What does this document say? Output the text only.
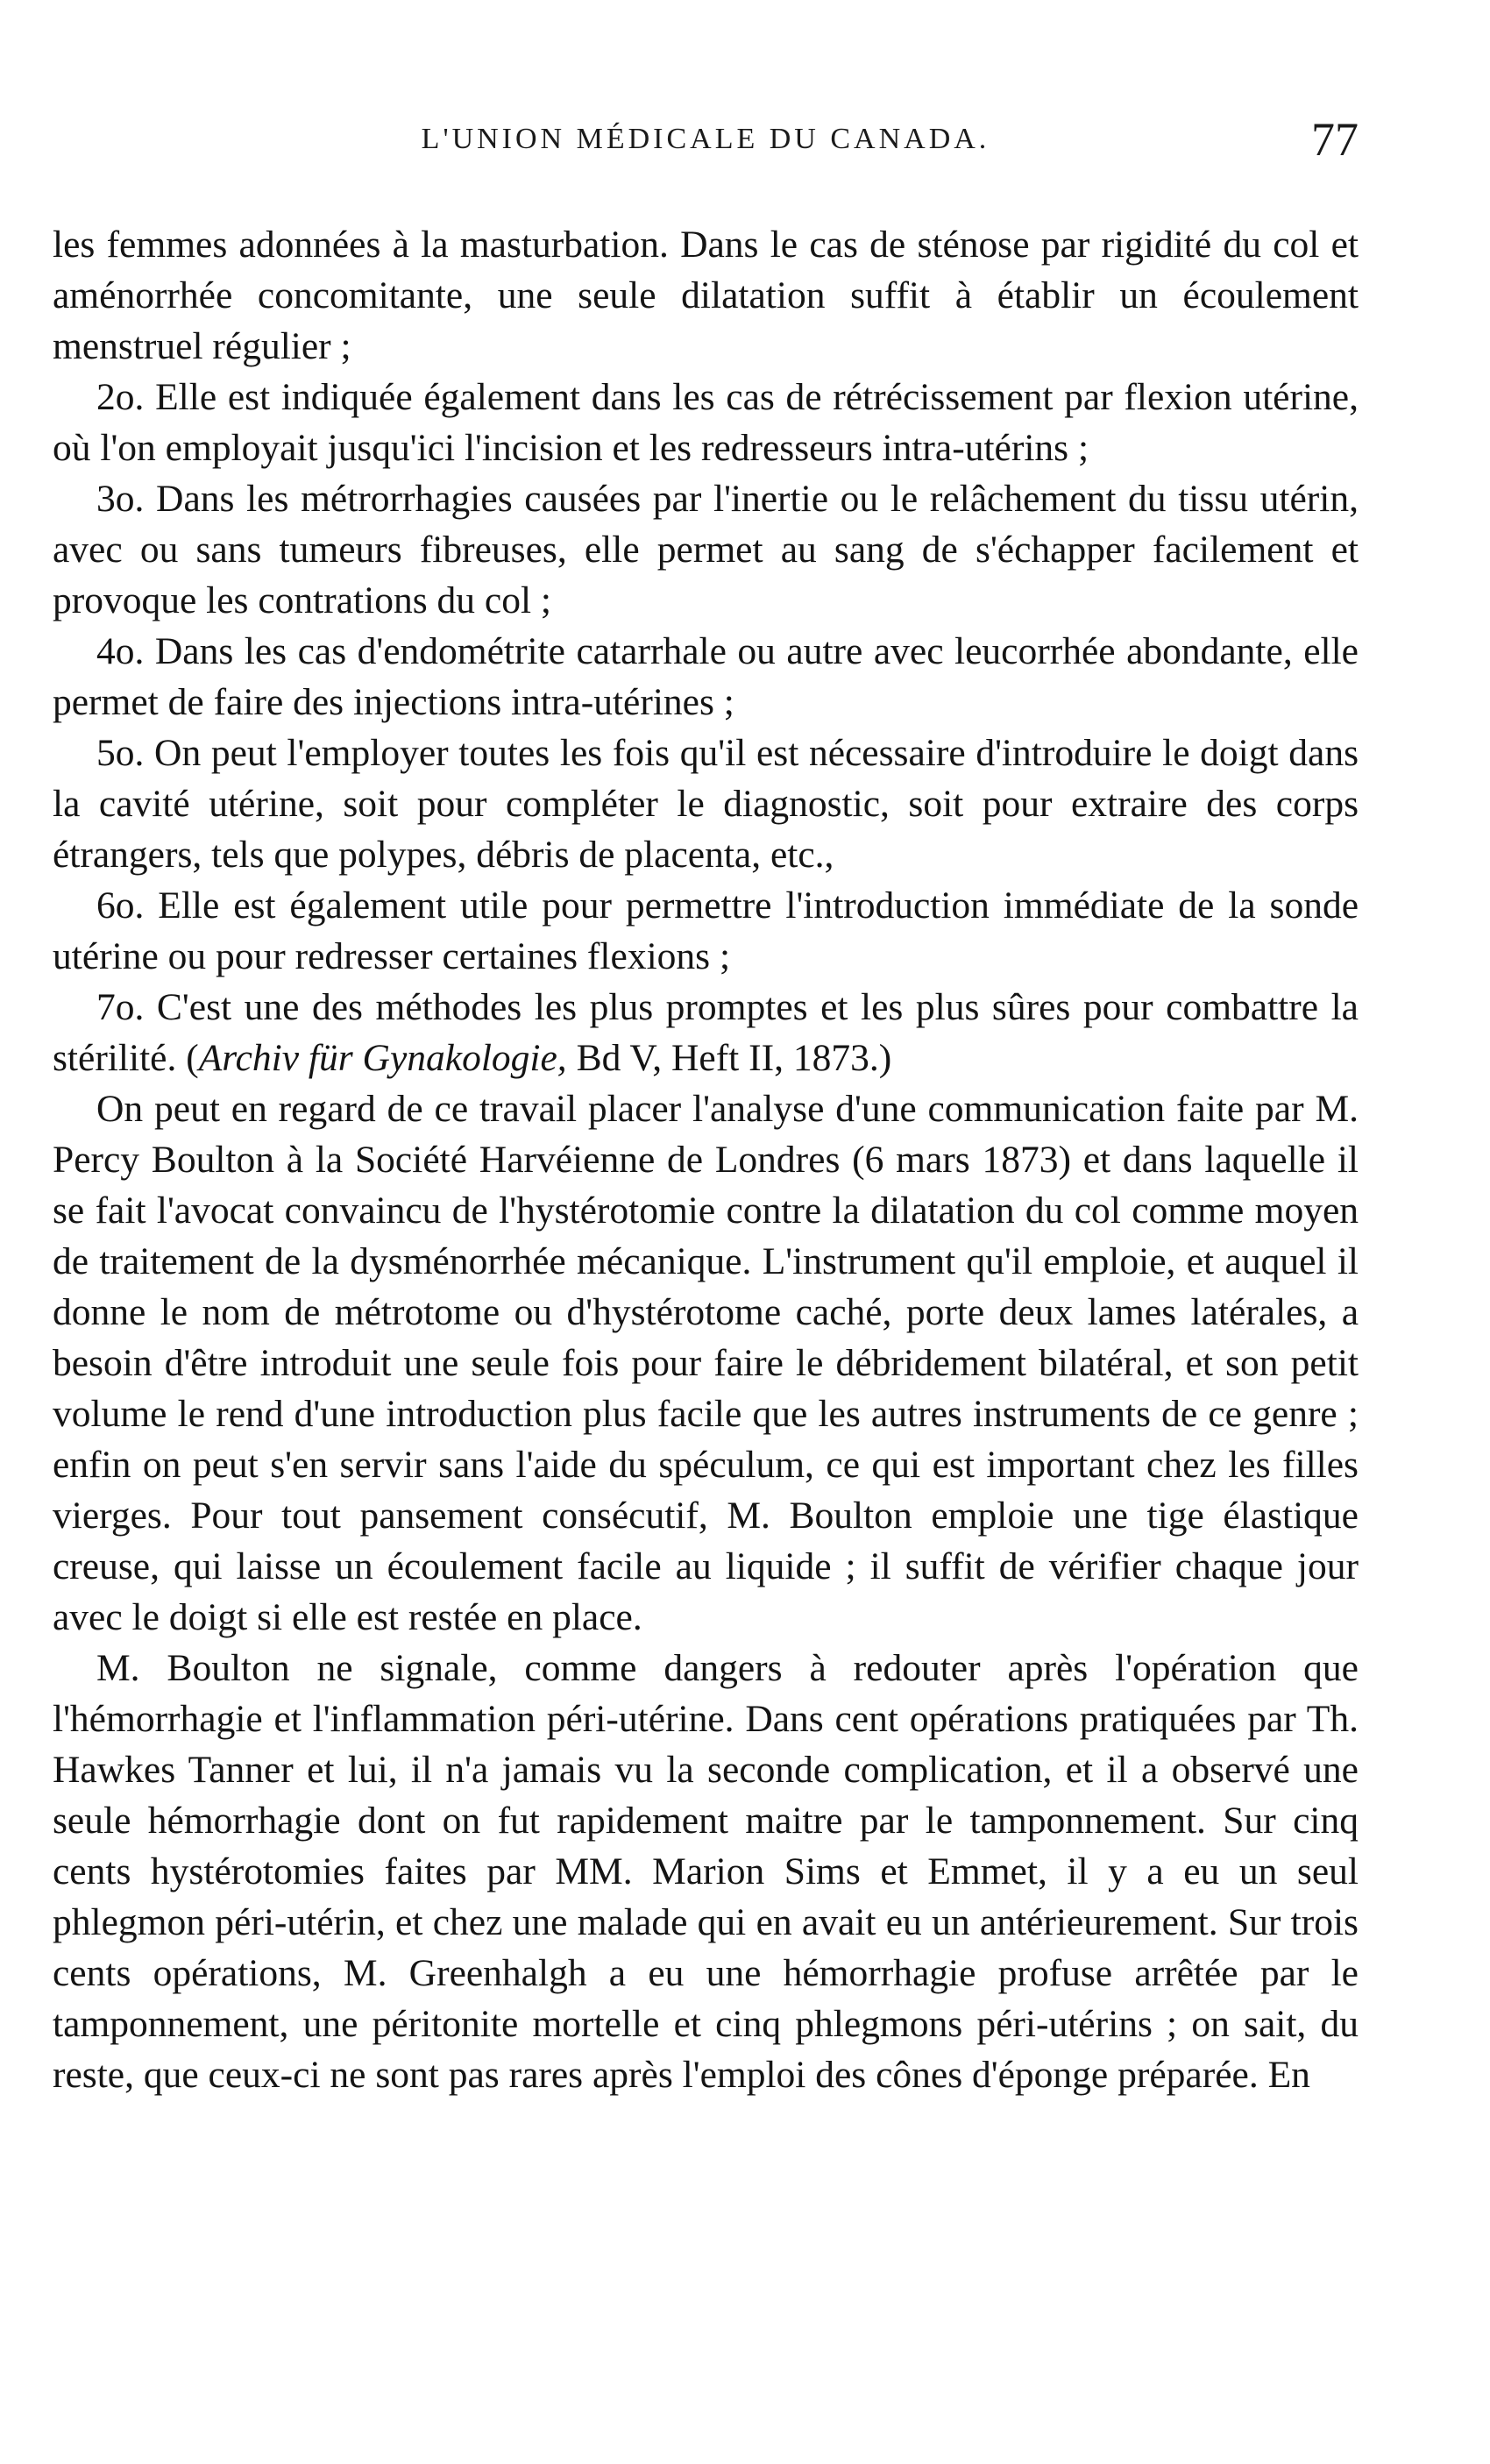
L'UNION MÉDICALE DU CANADA.	77

les femmes adonnées à la masturbation. Dans le cas de sténose par rigidité du col et aménorrhée concomitante, une seule dilatation suffit à établir un écoulement menstruel régulier ;

2o. Elle est indiquée également dans les cas de rétrécissement par flexion utérine, où l'on employait jusqu'ici l'incision et les redresseurs intra-utérins ;

3o. Dans les métrorrhagies causées par l'inertie ou le relâchement du tissu utérin, avec ou sans tumeurs fibreuses, elle permet au sang de s'échapper facilement et provoque les contrations du col ;

4o. Dans les cas d'endométrite catarrhale ou autre avec leucorrhée abondante, elle permet de faire des injections intra-utérines ;

5o. On peut l'employer toutes les fois qu'il est nécessaire d'introduire le doigt dans la cavité utérine, soit pour compléter le diagnostic, soit pour extraire des corps étrangers, tels que polypes, débris de placenta, etc.,

6o. Elle est également utile pour permettre l'introduction immédiate de la sonde utérine ou pour redresser certaines flexions ;

7o. C'est une des méthodes les plus promptes et les plus sûres pour combattre la stérilité. (Archiv für Gynakologie, Bd V, Heft II, 1873.)

On peut en regard de ce travail placer l'analyse d'une communication faite par M. Percy Boulton à la Société Harvéienne de Londres (6 mars 1873) et dans laquelle il se fait l'avocat convaincu de l'hystérotomie contre la dilatation du col comme moyen de traitement de la dysménorrhée mécanique. L'instrument qu'il emploie, et auquel il donne le nom de métrotome ou d'hystérotome caché, porte deux lames latérales, a besoin d'être introduit une seule fois pour faire le débridement bilatéral, et son petit volume le rend d'une introduction plus facile que les autres instruments de ce genre ; enfin on peut s'en servir sans l'aide du spéculum, ce qui est important chez les filles vierges. Pour tout pansement consécutif, M. Boulton emploie une tige élastique creuse, qui laisse un écoulement facile au liquide ; il suffit de vérifier chaque jour avec le doigt si elle est restée en place.

M. Boulton ne signale, comme dangers à redouter après l'opération que l'hémorrhagie et l'inflammation péri-utérine. Dans cent opérations pratiquées par Th. Hawkes Tanner et lui, il n'a jamais vu la seconde complication, et il a observé une seule hémorrhagie dont on fut rapidement maitre par le tamponnement. Sur cinq cents hystérotomies faites par MM. Marion Sims et Emmet, il y a eu un seul phlegmon péri-utérin, et chez une malade qui en avait eu un antérieurement. Sur trois cents opérations, M. Greenhalgh a eu une hémorrhagie profuse arrêtée par le tamponnement, une péritonite mortelle et cinq phlegmons péri-utérins ; on sait, du reste, que ceux-ci ne sont pas rares après l'emploi des cônes d'éponge préparée. En
